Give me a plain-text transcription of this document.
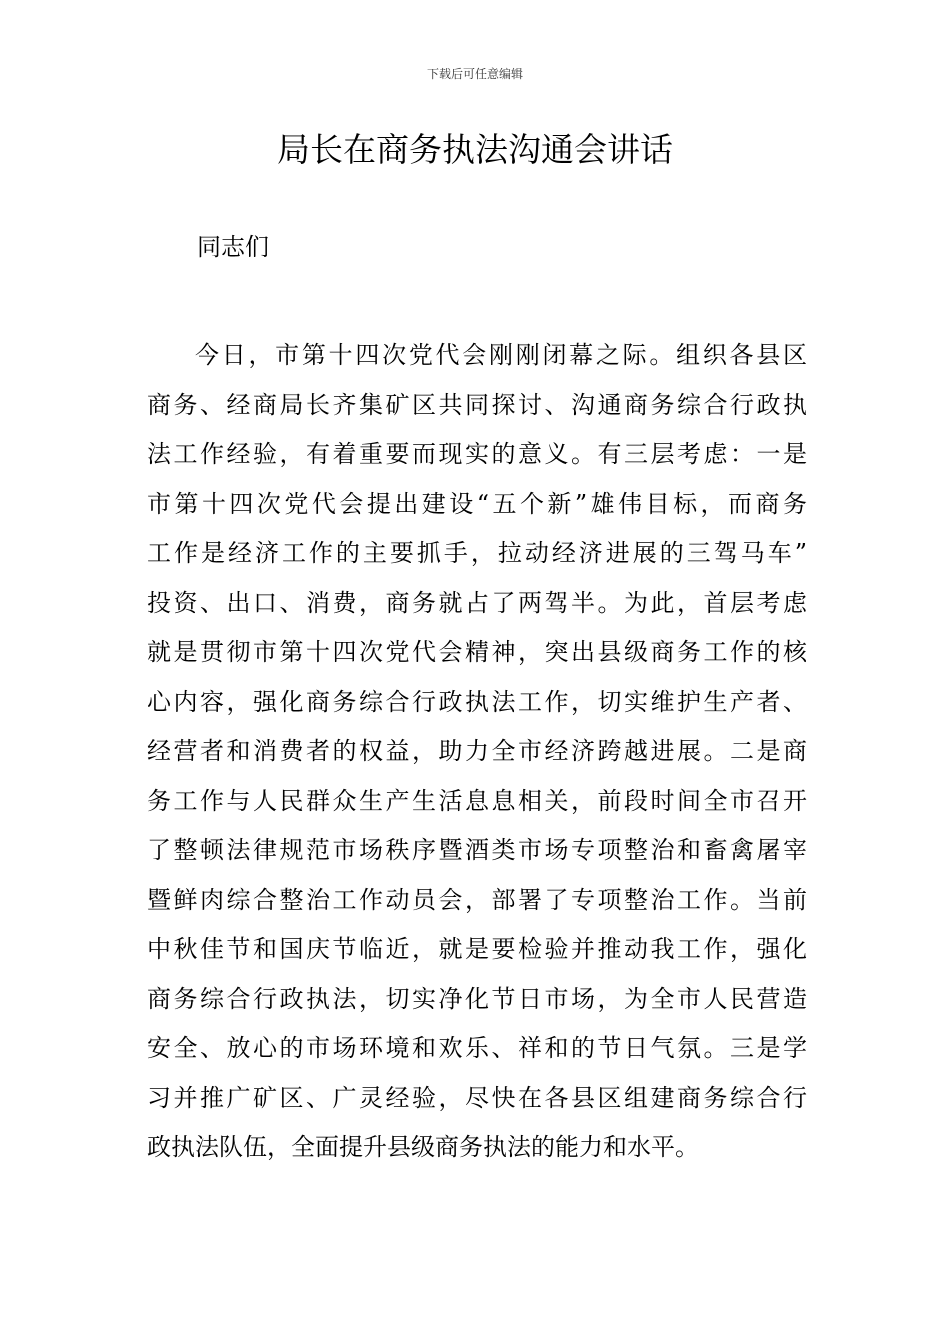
下载后可任意编辑
局长在商务执法沟通会讲话

同志们

今日，市第十四次党代会刚刚闭幕之际。组织各县区
商务、经商局长齐集矿区共同探讨、沟通商务综合行政执
法工作经验，有着重要而现实的意义。有三层考虑：一是
市第十四次党代会提出建设“五个新”雄伟目标，而商务
工作是经济工作的主要抓手，拉动经济进展的三驾马车”
投资、出口、消费，商务就占了两驾半。为此，首层考虑
就是贯彻市第十四次党代会精神，突出县级商务工作的核
心内容，强化商务综合行政执法工作，切实维护生产者、
经营者和消费者的权益，助力全市经济跨越进展。二是商
务工作与人民群众生产生活息息相关，前段时间全市召开
了整顿法律规范市场秩序暨酒类市场专项整治和畜禽屠宰
暨鲜肉综合整治工作动员会，部署了专项整治工作。当前
中秋佳节和国庆节临近，就是要检验并推动我工作，强化
商务综合行政执法，切实净化节日市场，为全市人民营造
安全、放心的市场环境和欢乐、祥和的节日气氛。三是学
习并推广矿区、广灵经验，尽快在各县区组建商务综合行
政执法队伍，全面提升县级商务执法的能力和水平。
